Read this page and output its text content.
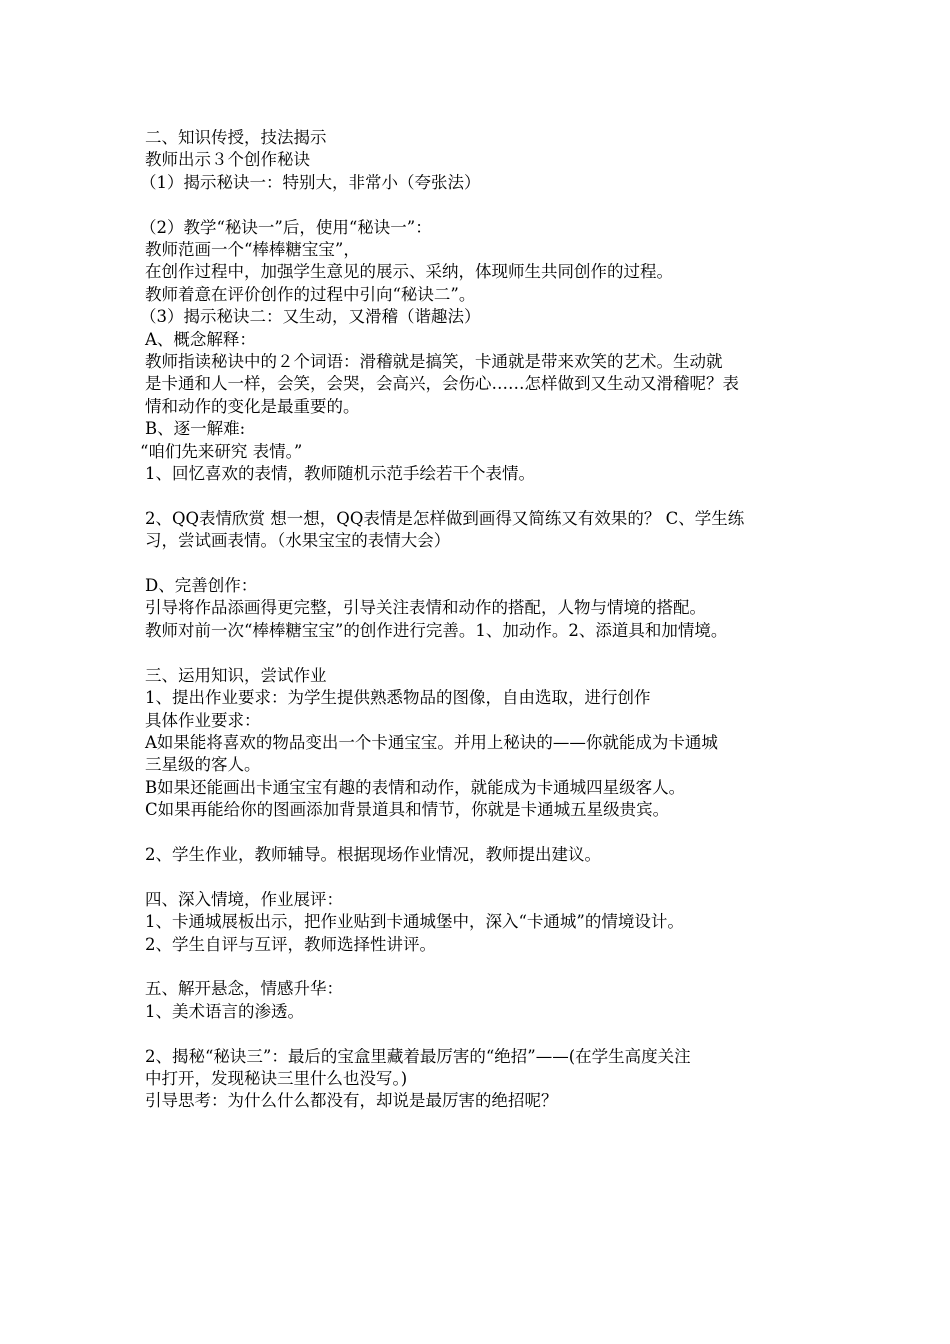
二、知识传授，技法揭示
教师出示３个创作秘诀
（1）揭示秘诀一：特别大，非常小（夸张法）
（2）教学“秘诀一”后，使用“秘诀一”：
教师范画一个“棒棒糖宝宝”，
在创作过程中，加强学生意见的展示、采纳，体现师生共同创作的过程。
教师着意在评价创作的过程中引向“秘诀二”。
（3）揭示秘诀二：又生动，又滑稽（谐趣法）
A、概念解释：
教师指读秘诀中的２个词语：滑稽就是搞笑，卡通就是带来欢笑的艺术。生动就
是卡通和人一样，会笑，会哭，会高兴，会伤心……怎样做到又生动又滑稽呢？表
情和动作的变化是最重要的。
B、逐一解难:
“咱们先来研究 表情。”
1、回忆喜欢的表情，教师随机示范手绘若干个表情。
2、QQ表情欣赏 想一想，QQ表情是怎样做到画得又简练又有效果的？ C、学生练
习，尝试画表情。（水果宝宝的表情大会）
D、完善创作：
引导将作品添画得更完整，引导关注表情和动作的搭配，人物与情境的搭配。
教师对前一次“棒棒糖宝宝”的创作进行完善。1、加动作。2、添道具和加情境。
三、运用知识，尝试作业
1、提出作业要求：为学生提供熟悉物品的图像，自由选取，进行创作
具体作业要求：
A如果能将喜欢的物品变出一个卡通宝宝。并用上秘诀的——你就能成为卡通城
三星级的客人。
B如果还能画出卡通宝宝有趣的表情和动作，就能成为卡通城四星级客人。
C如果再能给你的图画添加背景道具和情节，你就是卡通城五星级贵宾。
2、学生作业，教师辅导。根据现场作业情况，教师提出建议。
四、深入情境，作业展评：
1、卡通城展板出示，把作业贴到卡通城堡中，深入“卡通城”的情境设计。
2、学生自评与互评，教师选择性讲评。
五、解开悬念，情感升华：
1、美术语言的渗透。
2、揭秘“秘诀三”：最后的宝盒里藏着最厉害的“绝招”——(在学生高度关注
中打开，发现秘诀三里什么也没写。)
引导思考：为什么什么都没有，却说是最厉害的绝招呢？
